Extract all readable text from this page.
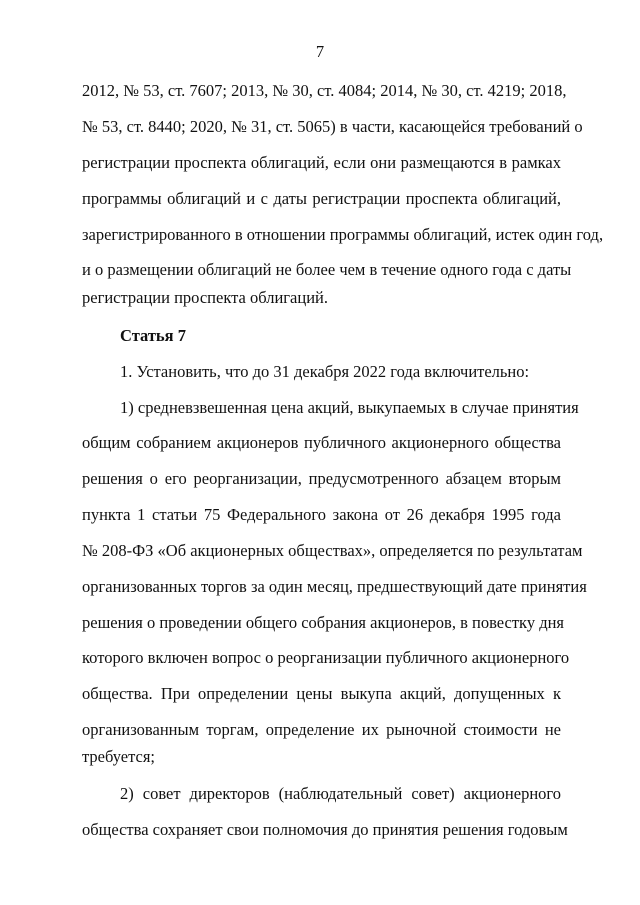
7
2012, № 53, ст. 7607; 2013, № 30, ст. 4084; 2014, № 30, ст. 4219; 2018,
№ 53, ст. 8440; 2020, № 31, ст. 5065) в части, касающейся требований о
регистрации проспекта облигаций, если они размещаются в рамках
программы облигаций и с даты регистрации проспекта облигаций,
зарегистрированного в отношении программы облигаций, истек один год,
и о размещении облигаций не более чем в течение одного года с даты
регистрации проспекта облигаций.
Статья 7
1. Установить, что до 31 декабря 2022 года включительно:
1) средневзвешенная цена акций, выкупаемых в случае принятия
общим собранием акционеров публичного акционерного общества
решения о его реорганизации, предусмотренного абзацем вторым
пункта 1 статьи 75 Федерального закона от 26 декабря 1995 года
№ 208-ФЗ «Об акционерных обществах», определяется по результатам
организованных торгов за один месяц, предшествующий дате принятия
решения о проведении общего собрания акционеров, в повестку дня
которого включен вопрос о реорганизации публичного акционерного
общества. При определении цены выкупа акций, допущенных к
организованным торгам, определение их рыночной стоимости не
требуется;
2) совет директоров (наблюдательный совет) акционерного
общества сохраняет свои полномочия до принятия решения годовым
